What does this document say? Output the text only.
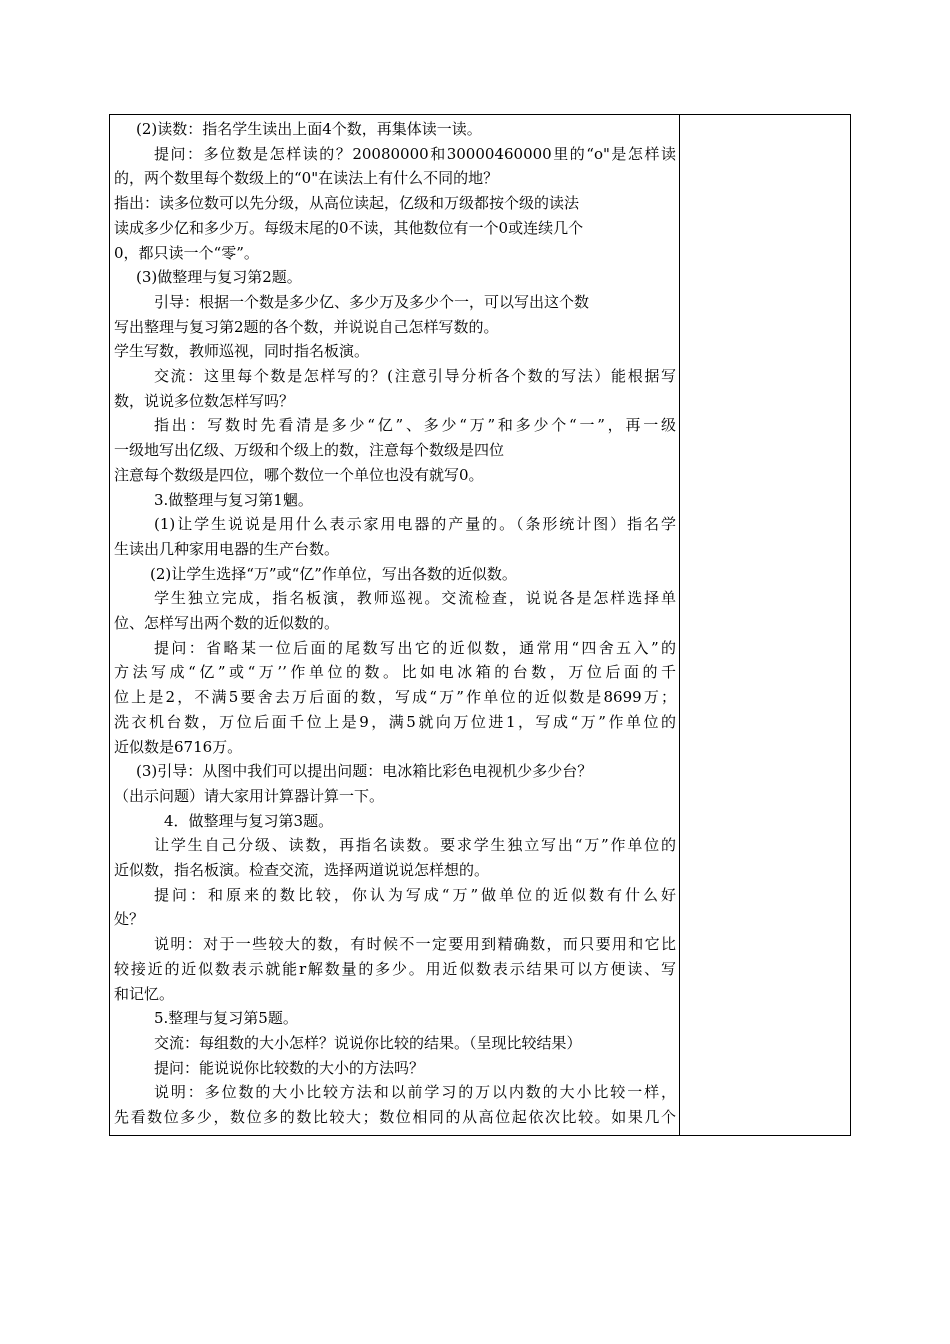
(2)读数：指名学生读出上面4个数，再集体读一读。
提问：多位数是怎样读的？20080000和30000460000里的“o"是怎样读
的，两个数里每个数级上的“0"在读法上有什么不同的地？
指出：读多位数可以先分级，从高位读起，亿级和万级都按个级的读法
读成多少亿和多少万。每级末尾的0不读，其他数位有一个0或连续几个
0，都只读一个“零”。
(3)做整理与复习第2题。
引导：根据一个数是多少亿、多少万及多少个一，可以写出这个数
写出整理与复习第2题的各个数，并说说自己怎样写数的。
学生写数，教师巡视，同时指名板演。
交流：这里每个数是怎样写的？(注意引导分析各个数的写法）能根据写
数，说说多位数怎样写吗？
指出：写数时先看清是多少“亿”、多少“万”和多少个“一”，再一级
一级地写出亿级、万级和个级上的数，注意每个数级是四位
注意每个数级是四位，哪个数位一个单位也没有就写0。
3.做整理与复习第1魍。
(1)让学生说说是用什么表示家用电器的产量的。（条形统计图）指名学
生读出几种家用电器的生产台数。
(2)让学生选择“万”或“亿”作单位，写出各数的近似数。
学生独立完成，指名板演，教师巡视。交流检查，说说各是怎样选择单
位、怎样写出两个数的近似数的。
提问：省略某一位后面的尾数写出它的近似数，通常用“四舍五入”的
方法写成“亿”或“万’’作单位的数。比如电冰箱的台数，万位后面的千
位上是2，不满5要舍去万后面的数，写成“万”作单位的近似数是8699万；
洗衣机台数，万位后面千位上是9，满5就向万位进1，写成“万”作单位的
近似数是6716万。
(3)引导：从图中我们可以提出问题：电冰箱比彩色电视机少多少台？
（出示问题）请大家用计算器计算一下。
4．做整理与复习第3题。
让学生自己分级、读数，再指名读数。要求学生独立写出“万”作单位的
近似数，指名板演。检查交流，选择两道说说怎样想的。
提问：和原来的数比较，你认为写成“万”做单位的近似数有什么好
处？
说明：对于一些较大的数，有时候不一定要用到精确数，而只要用和它比
较接近的近似数表示就能r解数量的多少。用近似数表示结果可以方便读、写
和记忆。
5.整理与复习第5题。
交流：每组数的大小怎样？说说你比较的结果。（呈现比较结果）
提问：能说说你比较数的大小的方法吗？
说明：多位数的大小比较方法和以前学习的万以内数的大小比较一样，
先看数位多少，数位多的数比较大；数位相同的从高位起依次比较。如果几个
